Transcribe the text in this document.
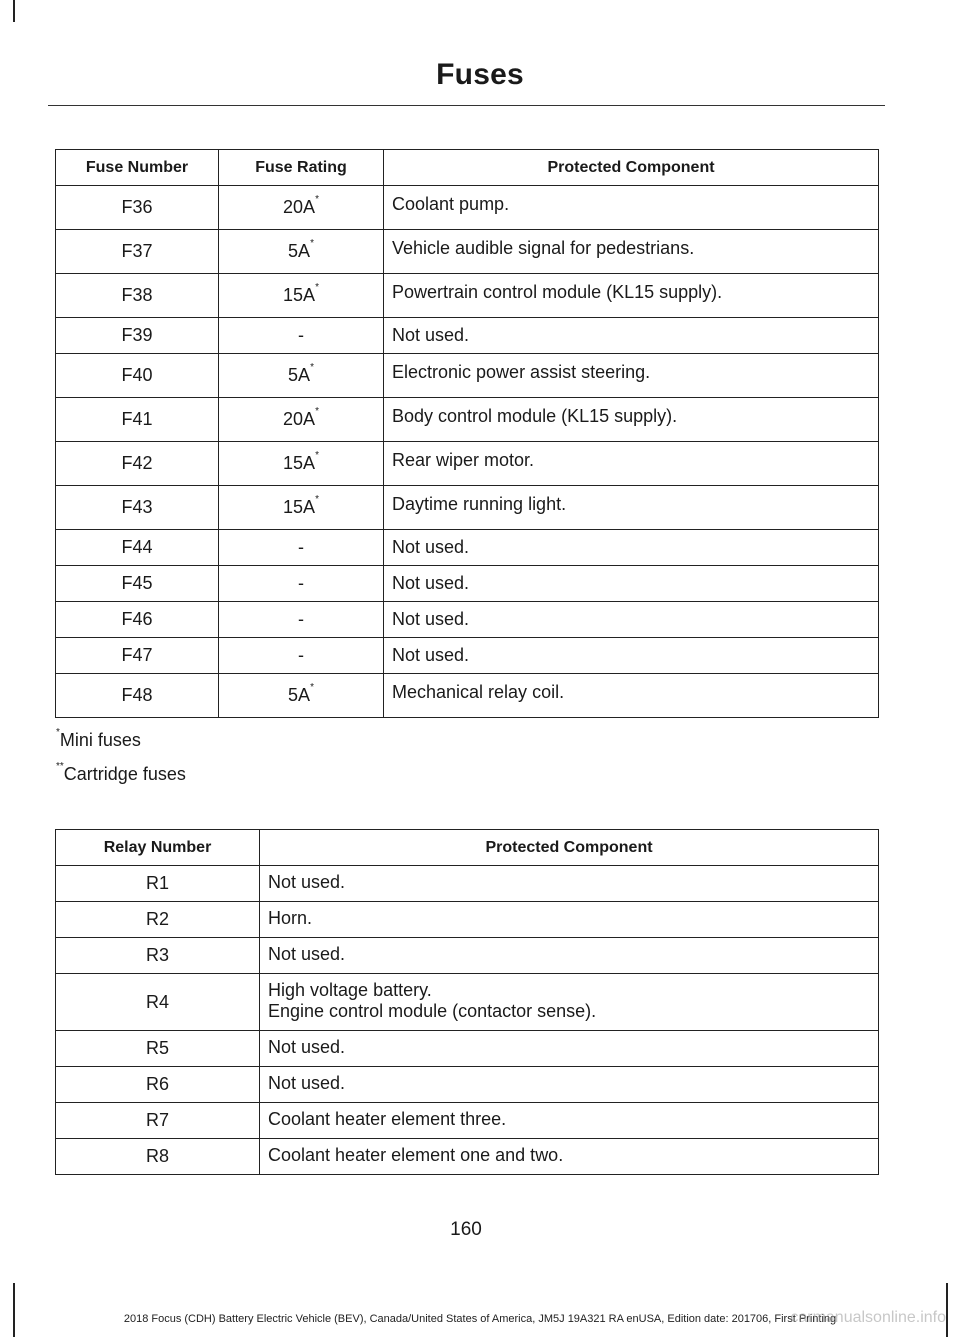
Fuses
Fuse Number	Fuse Rating	Protected Component
F36	20A*	Coolant pump.
F37	5A*	Vehicle audible signal for pedestrians.
F38	15A*	Powertrain control module (KL15 supply).
F39	-	Not used.
F40	5A*	Electronic power assist steering.
F41	20A*	Body control module (KL15 supply).
F42	15A*	Rear wiper motor.
F43	15A*	Daytime running light.
F44	-	Not used.
F45	-	Not used.
F46	-	Not used.
F47	-	Not used.
F48	5A*	Mechanical relay coil.
*Mini fuses
**Cartridge fuses
Relay Number	Protected Component
R1	Not used.

R2	Horn.

R3	Not used.

R4	High voltage battery.
Engine control module (contactor sense).

R5	Not used.

R6	Not used.

R7	Coolant heater element three.

R8	Coolant heater element one and two.
160
2018 Focus (CDH) Battery Electric Vehicle (BEV), Canada/United States of America, JM5J 19A321 RA enUSA, Edition date: 201706, First Printing
carmanualsonline.info
